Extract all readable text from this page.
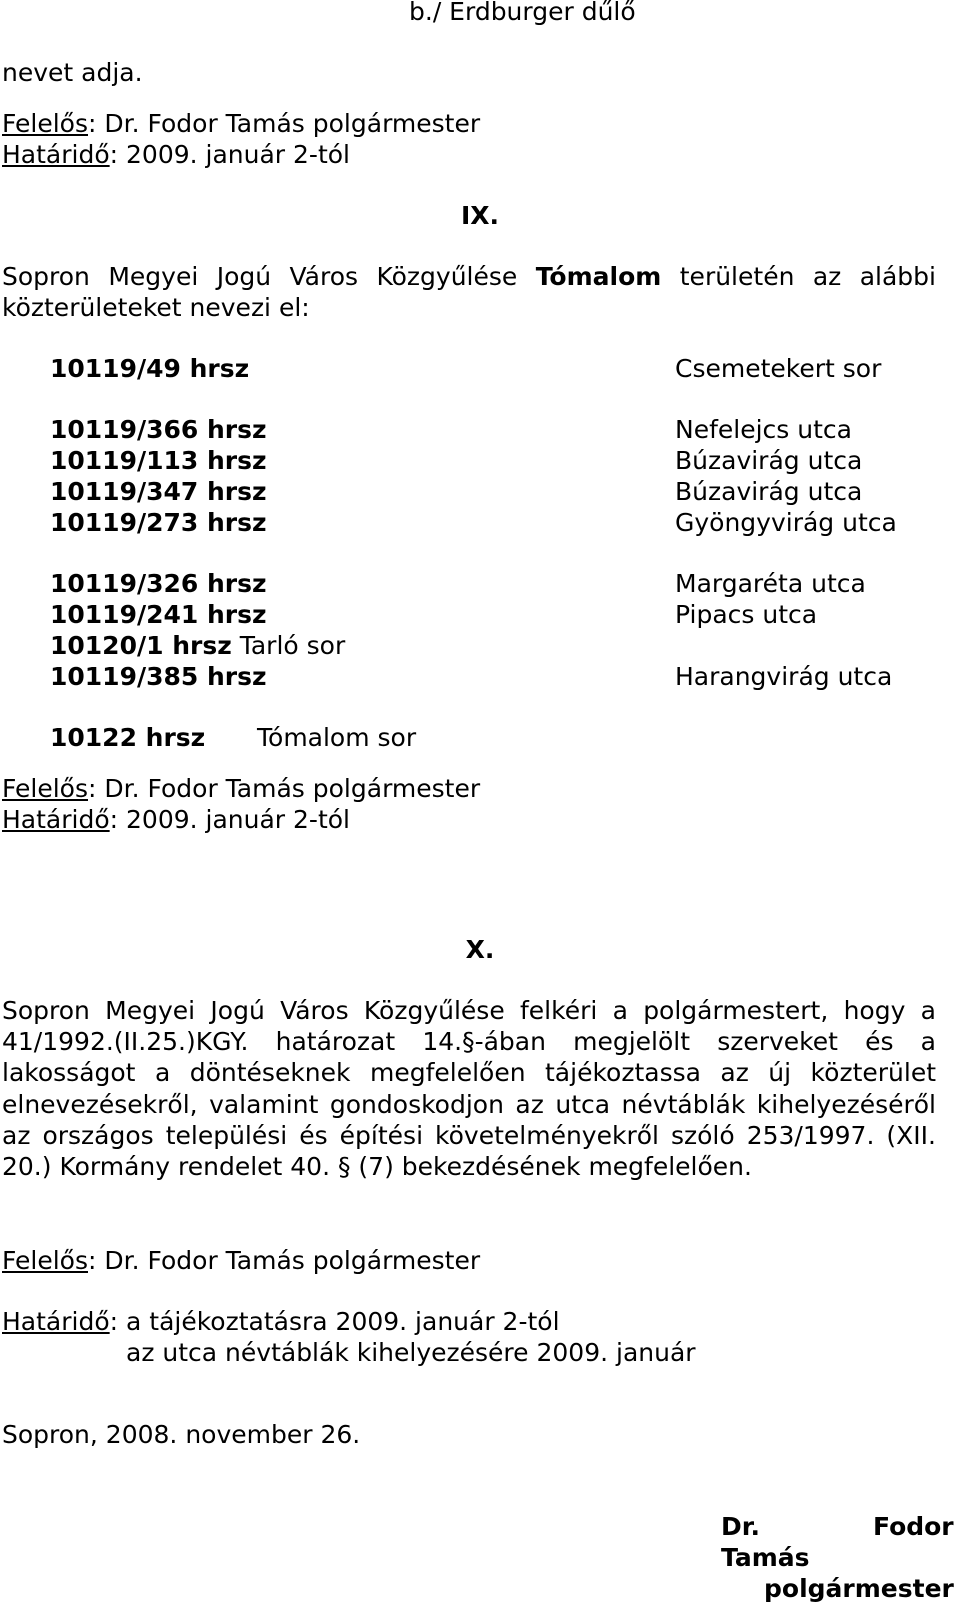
b./ Erdburger dűlő
nevet adja.
Felelős: Dr. Fodor Tamás polgármester
Határidő: 2009. január 2-tól
IX.
Sopron Megyei Jogú Város Közgyűlése Tómalom területén az alábbi közterületeket nevezi el:
10119/49 hrsz	Csemetekert sor
10119/366 hrsz	Nefelejcs utca
10119/113 hrsz	Búzavirág utca
10119/347 hrsz	Búzavirág utca
10119/273 hrsz	Gyöngyvirág utca
10119/326 hrsz	Margaréta utca
10119/241 hrsz	Pipacs utca
10120/1 hrsz Tarló sor
10119/385 hrsz	Harangvirág utca
10122 hrsz Tómalom sor
Felelős: Dr. Fodor Tamás polgármester
Határidő: 2009. január 2-tól
X.
Sopron Megyei Jogú Város Közgyűlése felkéri a polgármestert, hogy a 41/1992.(II.25.)KGY. határozat 14.§-ában megjelölt szerveket és a lakosságot a döntéseknek megfelelően tájékoztassa az új közterület elnevezésekről, valamint gondoskodjon az utca névtáblák kihelyezéséről az országos települési és építési követelményekről szóló 253/1997. (XII. 20.) Kormány rendelet 40. § (7) bekezdésének megfelelően.
Felelős: Dr. Fodor Tamás polgármester
Határidő: a tájékoztatásra 2009. január 2-tól
az utca névtáblák kihelyezésére 2009. január
Sopron, 2008. november 26.
Dr.	Fodor
Tamás
polgármester
